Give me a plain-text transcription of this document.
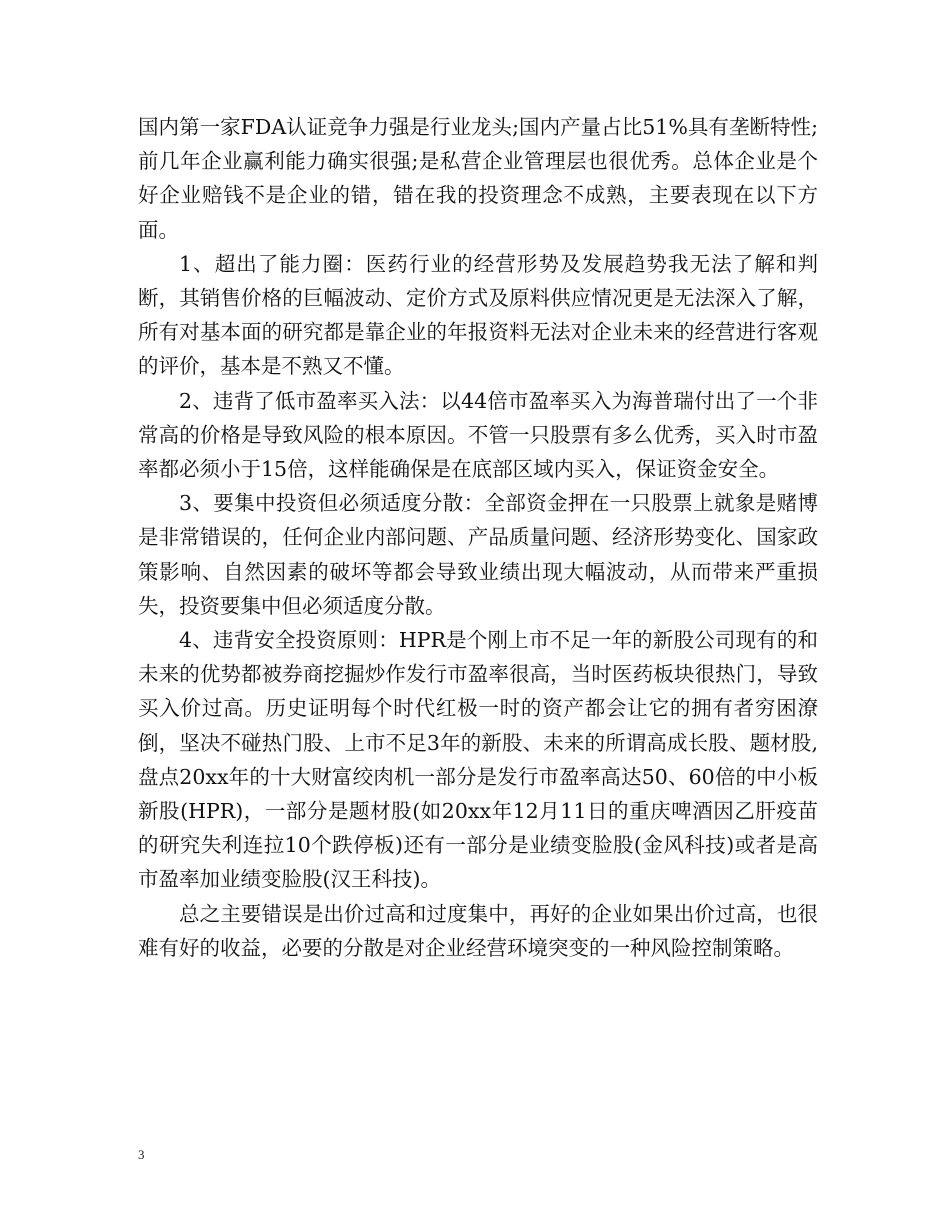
国内第一家FDA认证竞争力强是行业龙头;国内产量占比51%具有垄断特性;前几年企业赢利能力确实很强;是私营企业管理层也很优秀。总体企业是个好企业赔钱不是企业的错，错在我的投资理念不成熟，主要表现在以下方面。

1、超出了能力圈：医药行业的经营形势及发展趋势我无法了解和判断，其销售价格的巨幅波动、定价方式及原料供应情况更是无法深入了解，所有对基本面的研究都是靠企业的年报资料无法对企业未来的经营进行客观的评价，基本是不熟又不懂。

2、违背了低市盈率买入法：以44倍市盈率买入为海普瑞付出了一个非常高的价格是导致风险的根本原因。不管一只股票有多么优秀，买入时市盈率都必须小于15倍，这样能确保是在底部区域内买入，保证资金安全。

3、要集中投资但必须适度分散：全部资金押在一只股票上就象是赌博是非常错误的，任何企业内部问题、产品质量问题、经济形势变化、国家政策影响、自然因素的破坏等都会导致业绩出现大幅波动，从而带来严重损失，投资要集中但必须适度分散。

4、违背安全投资原则：HPR是个刚上市不足一年的新股公司现有的和未来的优势都被券商挖掘炒作发行市盈率很高，当时医药板块很热门，导致买入价过高。历史证明每个时代红极一时的资产都会让它的拥有者穷困潦倒，坚决不碰热门股、上市不足3年的新股、未来的所谓高成长股、题材股,盘点20xx年的十大财富绞肉机一部分是发行市盈率高达50、60倍的中小板新股(HPR)，一部分是题材股(如20xx年12月11日的重庆啤酒因乙肝疫苗的研究失利连拉10个跌停板)还有一部分是业绩变脸股(金风科技)或者是高市盈率加业绩变脸股(汉王科技)。

总之主要错误是出价过高和过度集中，再好的企业如果出价过高，也很难有好的收益，必要的分散是对企业经营环境突变的一种风险控制策略。

3
